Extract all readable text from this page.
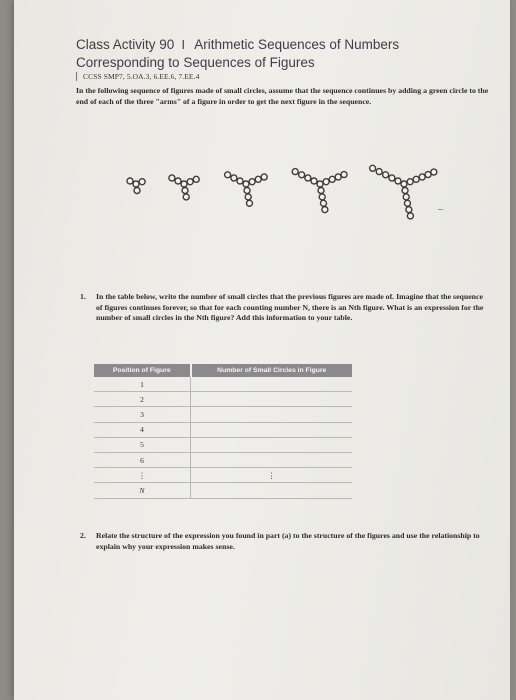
Class Activity 90 Ⅰ Arithmetic Sequences of Numbers
Corresponding to Sequences of Figures
CCSS SMP7, 5.OA.3, 6.EE.6, 7.EE.4
In the following sequence of figures made of small circles, assume that the sequence continues by adding a green circle to the end of each of the three "arms" of a figure in order to get the next figure in the sequence.
1. In the table below, write the number of small circles that the previous figures are made of. Imagine that the sequence of figures continues forever, so that for each counting number N, there is an Nth figure. What is an expression for the number of small circles in the Nth figure? Add this information to your table.
Position of Figure	Number of Small Circles in Figure
1	
2	
3	
4	
5	
6	
⋮	⋮
N	
2. Relate the structure of the expression you found in part (a) to the structure of the figures and use the relationship to explain why your expression makes sense.
